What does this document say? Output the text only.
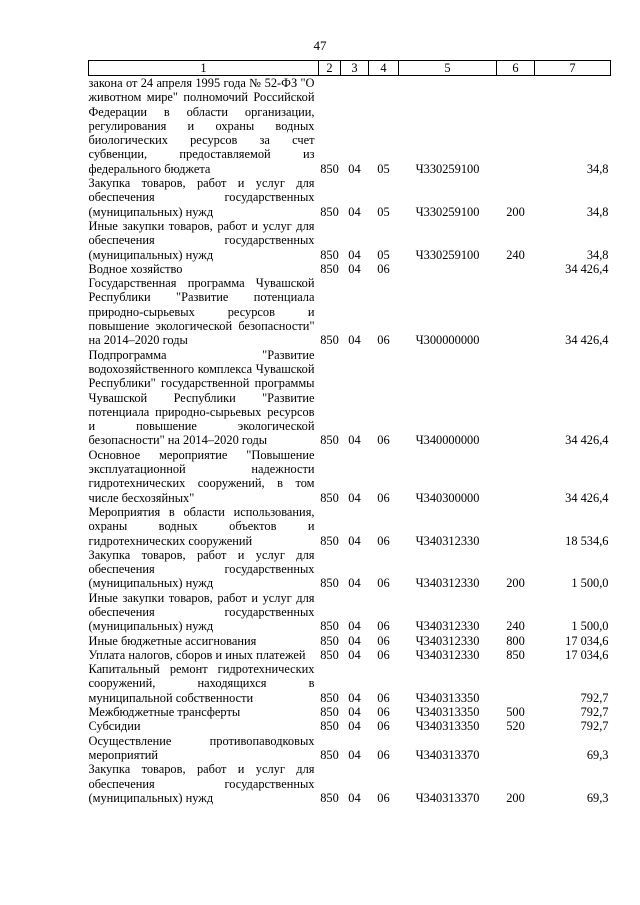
47
1	2	3	4	5	6	7
закона от 24 апреля 1995 года № 52-ФЗ "О животном мире" полномочий Российской Федерации в области организации, регулирования и охраны водных биологических ресурсов за счет субвенции, предоставляемой из федерального бюджета	850	04	05	Ч330259100		34,8
Закупка товаров, работ и услуг для обеспечения государственных (муниципальных) нужд	850	04	05	Ч330259100	200	34,8
Иные закупки товаров, работ и услуг для обеспечения государственных (муниципальных) нужд	850	04	05	Ч330259100	240	34,8
Водное хозяйство	850	04	06			34 426,4
Государственная программа Чувашской Республики "Развитие потенциала природно-сырьевых ресурсов и повышение экологической безопасности" на 2014–2020 годы	850	04	06	Ч300000000		34 426,4
Подпрограмма "Развитие водохозяйственного комплекса Чувашской Республики" государственной программы Чувашской Республики "Развитие потенциала природно-сырьевых ресурсов и повышение экологической безопасности" на 2014–2020 годы	850	04	06	Ч340000000		34 426,4
Основное мероприятие "Повышение эксплуатационной надежности гидротехнических сооружений, в том числе бесхозяйных"	850	04	06	Ч340300000		34 426,4
Мероприятия в области использования, охраны водных объектов и гидротехнических сооружений	850	04	06	Ч340312330		18 534,6
Закупка товаров, работ и услуг для обеспечения государственных (муниципальных) нужд	850	04	06	Ч340312330	200	1 500,0
Иные закупки товаров, работ и услуг для обеспечения государственных (муниципальных) нужд	850	04	06	Ч340312330	240	1 500,0
Иные бюджетные ассигнования	850	04	06	Ч340312330	800	17 034,6
Уплата налогов, сборов и иных платежей	850	04	06	Ч340312330	850	17 034,6
Капитальный ремонт гидротехнических сооружений, находящихся в муниципальной собственности	850	04	06	Ч340313350		792,7
Межбюджетные трансферты	850	04	06	Ч340313350	500	792,7
Субсидии	850	04	06	Ч340313350	520	792,7
Осуществление противопаводковых мероприятий	850	04	06	Ч340313370		69,3
Закупка товаров, работ и услуг для обеспечения государственных (муниципальных) нужд	850	04	06	Ч340313370	200	69,3
